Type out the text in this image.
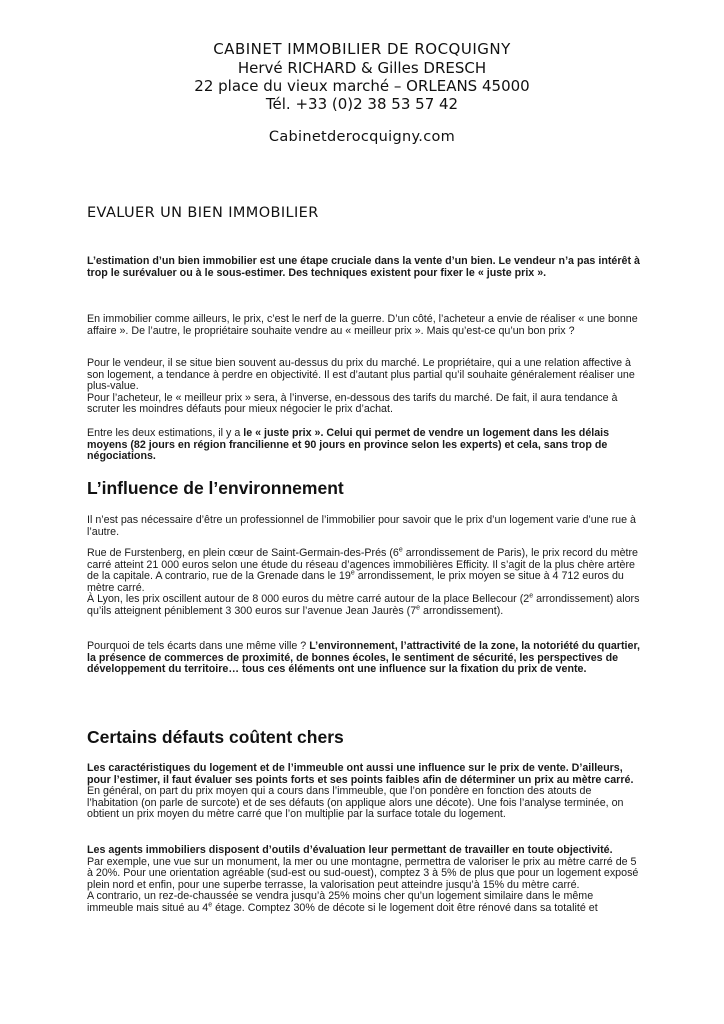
CABINET IMMOBILIER DE ROCQUIGNY
Hervé RICHARD & Gilles DRESCH
22 place du vieux marché – ORLEANS 45000
Tél. +33 (0)2 38 53 57 42
Cabinetderocquigny.com
EVALUER UN BIEN IMMOBILIER

L’estimation d’un bien immobilier est une étape cruciale dans la vente d’un bien. Le vendeur n’a pas intérêt à trop le surévaluer ou à le sous-estimer. Des techniques existent pour fixer le « juste prix ».

En immobilier comme ailleurs, le prix, c’est le nerf de la guerre. D’un côté, l’acheteur a envie de réaliser « une bonne affaire ». De l’autre, le propriétaire souhaite vendre au « meilleur prix ». Mais qu’est-ce qu’un bon prix ?

Pour le vendeur, il se situe bien souvent au-dessus du prix du marché. Le propriétaire, qui a une relation affective à son logement, a tendance à perdre en objectivité. Il est d’autant plus partial qu’il souhaite généralement réaliser une plus-value.
Pour l’acheteur, le « meilleur prix » sera, à l’inverse, en-dessous des tarifs du marché. De fait, il aura tendance à scruter les moindres défauts pour mieux négocier le prix d’achat.

Entre les deux estimations, il y a le « juste prix ». Celui qui permet de vendre un logement dans les délais moyens (82 jours en région francilienne et 90 jours en province selon les experts) et cela, sans trop de négociations.

L’influence de l’environnement

Il n’est pas nécessaire d’être un professionnel de l’immobilier pour savoir que le prix d’un logement varie d’une rue à l’autre.

Rue de Furstenberg, en plein cœur de Saint-Germain-des-Prés (6e arrondissement de Paris), le prix record du mètre carré atteint 21 000 euros selon une étude du réseau d’agences immobilières Efficity. Il s’agit de la plus chère artère de la capitale. A contrario, rue de la Grenade dans le 19e arrondissement, le prix moyen se situe à 4 712 euros du mètre carré.
À Lyon, les prix oscillent autour de 8 000 euros du mètre carré autour de la place Bellecour (2e arrondissement) alors qu’ils atteignent péniblement 3 300 euros sur l’avenue Jean Jaurès (7e arrondissement).

Pourquoi de tels écarts dans une même ville ? L’environnement, l’attractivité de la zone, la notoriété du quartier, la présence de commerces de proximité, de bonnes écoles, le sentiment de sécurité, les perspectives de développement du territoire… tous ces éléments ont une influence sur la fixation du prix de vente.

Certains défauts coûtent chers

Les caractéristiques du logement et de l’immeuble ont aussi une influence sur le prix de vente. D’ailleurs, pour l’estimer, il faut évaluer ses points forts et ses points faibles afin de déterminer un prix au mètre carré. En général, on part du prix moyen qui a cours dans l’immeuble, que l’on pondère en fonction des atouts de l’habitation (on parle de surcote) et de ses défauts (on applique alors une décote). Une fois l’analyse terminée, on obtient un prix moyen du mètre carré que l’on multiplie par la surface totale du logement.

Les agents immobiliers disposent d’outils d’évaluation leur permettant de travailler en toute objectivité.
Par exemple, une vue sur un monument, la mer ou une montagne, permettra de valoriser le prix au mètre carré de 5 à 20%. Pour une orientation agréable (sud-est ou sud-ouest), comptez 3 à 5% de plus que pour un logement exposé plein nord et enfin, pour une superbe terrasse, la valorisation peut atteindre jusqu’à 15% du mètre carré.
A contrario, un rez-de-chaussée se vendra jusqu’à 25% moins cher qu’un logement similaire dans le même immeuble mais situé au 4e étage. Comptez 30% de décote si le logement doit être rénové dans sa totalité et
